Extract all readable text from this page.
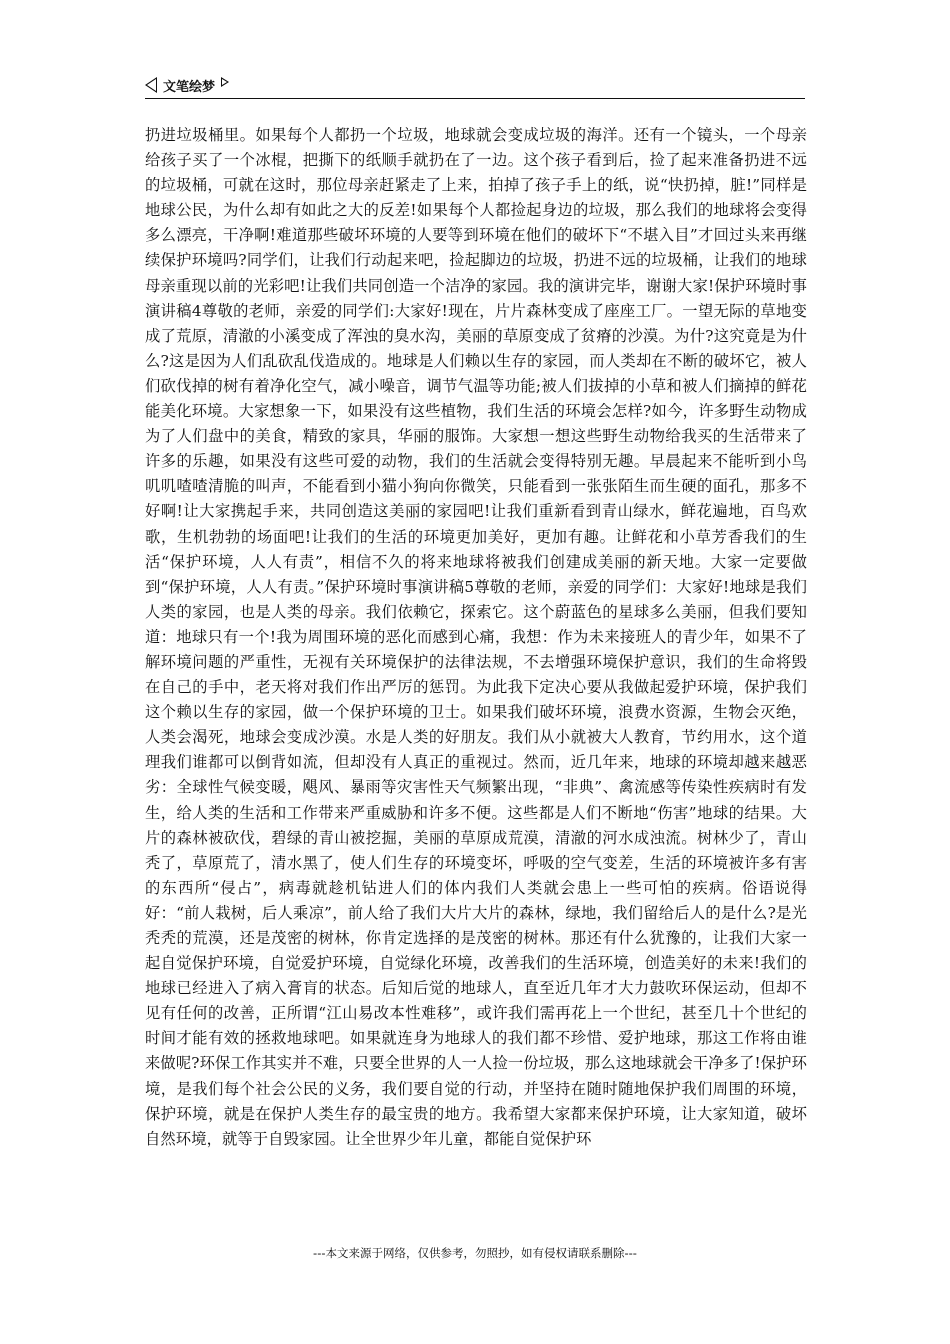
文笔绘梦

扔进垃圾桶里。如果每个人都扔一个垃圾，地球就会变成垃圾的海洋。还有一个镜头，一个母亲给孩子买了一个冰棍，把撕下的纸顺手就扔在了一边。这个孩子看到后，捡了起来准备扔进不远的垃圾桶，可就在这时，那位母亲赶紧走了上来，拍掉了孩子手上的纸，说“快扔掉，脏!”同样是地球公民，为什么却有如此之大的反差!如果每个人都捡起身边的垃圾，那么我们的地球将会变得多么漂亮，干净啊!难道那些破坏环境的人要等到环境在他们的破坏下“不堪入目”才回过头来再继续保护环境吗?同学们，让我们行动起来吧，捡起脚边的垃圾，扔进不远的垃圾桶，让我们的地球母亲重现以前的光彩吧!让我们共同创造一个洁净的家园。我的演讲完毕，谢谢大家!保护环境时事演讲稿4尊敬的老师，亲爱的同学们:大家好!现在，片片森林变成了座座工厂。一望无际的草地变成了荒原，清澈的小溪变成了浑浊的臭水沟，美丽的草原变成了贫瘠的沙漠。为什?这究竟是为什么?这是因为人们乱砍乱伐造成的。地球是人们赖以生存的家园，而人类却在不断的破坏它，被人们砍伐掉的树有着净化空气，减小噪音，调节气温等功能;被人们拔掉的小草和被人们摘掉的鲜花能美化环境。大家想象一下，如果没有这些植物，我们生活的环境会怎样?如今，许多野生动物成为了人们盘中的美食，精致的家具，华丽的服饰。大家想一想这些野生动物给我买的生活带来了许多的乐趣，如果没有这些可爱的动物，我们的生活就会变得特别无趣。早晨起来不能听到小鸟叽叽喳喳清脆的叫声，不能看到小猫小狗向你微笑，只能看到一张张陌生而生硬的面孔，那多不好啊!让大家携起手来，共同创造这美丽的家园吧!让我们重新看到青山绿水，鲜花遍地，百鸟欢歌，生机勃勃的场面吧!让我们的生活的环境更加美好，更加有趣。让鲜花和小草芳香我们的生活“保护环境，人人有责”，相信不久的将来地球将被我们创建成美丽的新天地。大家一定要做到“保护环境，人人有责。”保护环境时事演讲稿5尊敬的老师，亲爱的同学们：大家好!地球是我们人类的家园，也是人类的母亲。我们依赖它，探索它。这个蔚蓝色的星球多么美丽，但我们要知道：地球只有一个!我为周围环境的恶化而感到心痛，我想：作为未来接班人的青少年，如果不了解环境问题的严重性，无视有关环境保护的法律法规，不去增强环境保护意识，我们的生命将毁在自己的手中，老天将对我们作出严厉的惩罚。为此我下定决心要从我做起爱护环境，保护我们这个赖以生存的家园，做一个保护环境的卫士。如果我们破坏环境，浪费水资源，生物会灭绝，人类会渴死，地球会变成沙漠。水是人类的好朋友。我们从小就被大人教育，节约用水，这个道理我们谁都可以倒背如流，但却没有人真正的重视过。然而，近几年来，地球的环境却越来越恶劣：全球性气候变暖，飓风、暴雨等灾害性天气频繁出现，“非典”、禽流感等传染性疾病时有发生，给人类的生活和工作带来严重威胁和许多不便。这些都是人们不断地“伤害”地球的结果。大片的森林被砍伐，碧绿的青山被挖掘，美丽的草原成荒漠，清澈的河水成浊流。树林少了，青山秃了，草原荒了，清水黑了，使人们生存的环境变坏，呼吸的空气变差，生活的环境被许多有害的东西所“侵占”，病毒就趁机钻进人们的体内我们人类就会患上一些可怕的疾病。俗语说得好：“前人栽树，后人乘凉”，前人给了我们大片大片的森林，绿地，我们留给后人的是什么?是光秃秃的荒漠，还是茂密的树林，你肯定选择的是茂密的树林。那还有什么犹豫的，让我们大家一起自觉保护环境，自觉爱护环境，自觉绿化环境，改善我们的生活环境，创造美好的未来!我们的地球已经进入了病入膏肓的状态。后知后觉的地球人，直至近几年才大力鼓吹环保运动，但却不见有任何的改善，正所谓“江山易改本性难移”，或许我们需再花上一个世纪，甚至几十个世纪的时间才能有效的拯救地球吧。如果就连身为地球人的我们都不珍惜、爱护地球，那这工作将由谁来做呢?环保工作其实并不难，只要全世界的人一人捡一份垃圾，那么这地球就会干净多了!保护环境，是我们每个社会公民的义务，我们要自觉的行动，并坚持在随时随地保护我们周围的环境，保护环境，就是在保护人类生存的最宝贵的地方。我希望大家都来保护环境，让大家知道，破坏自然环境，就等于自毁家园。让全世界少年儿童，都能自觉保护环

---本文来源于网络，仅供参考，勿照抄，如有侵权请联系删除---
